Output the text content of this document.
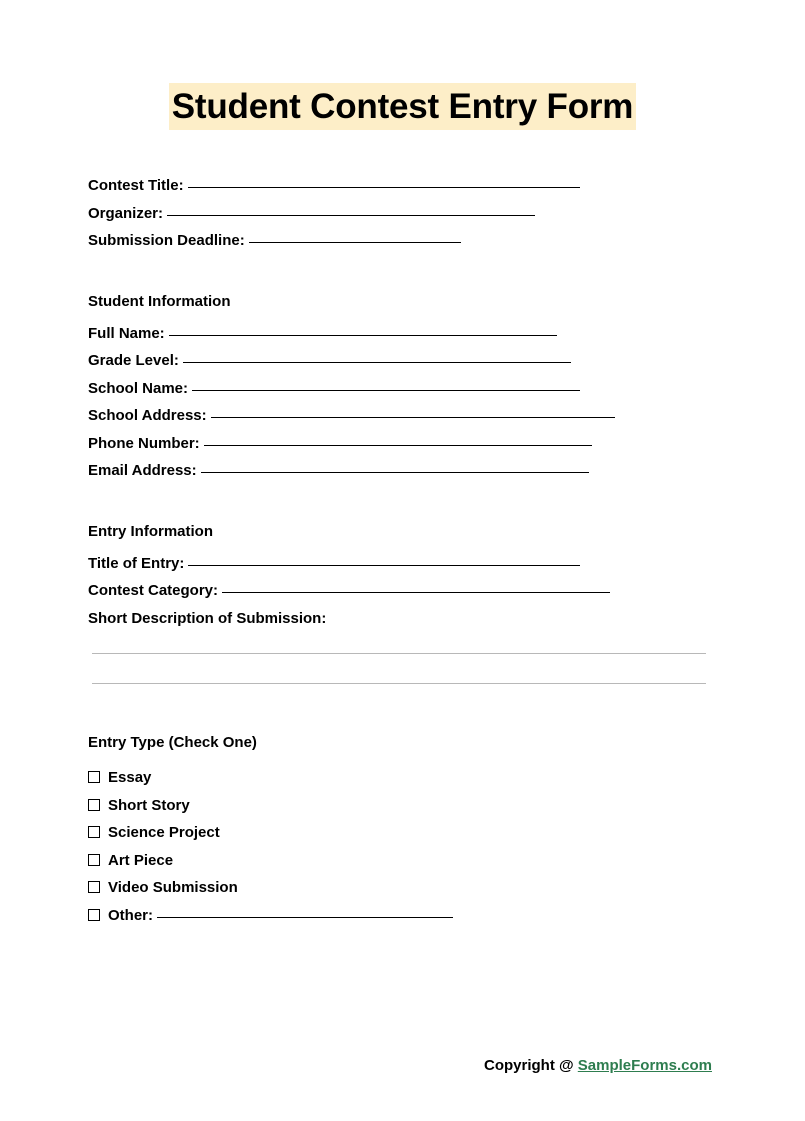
Student Contest Entry Form
Contest Title:
Organizer:
Submission Deadline:
Student Information
Full Name:
Grade Level:
School Name:
School Address:
Phone Number:
Email Address:
Entry Information
Title of Entry:
Contest Category:
Short Description of Submission:
Entry Type (Check One)
Essay
Short Story
Science Project
Art Piece
Video Submission
Other:
Copyright @ SampleForms.com
